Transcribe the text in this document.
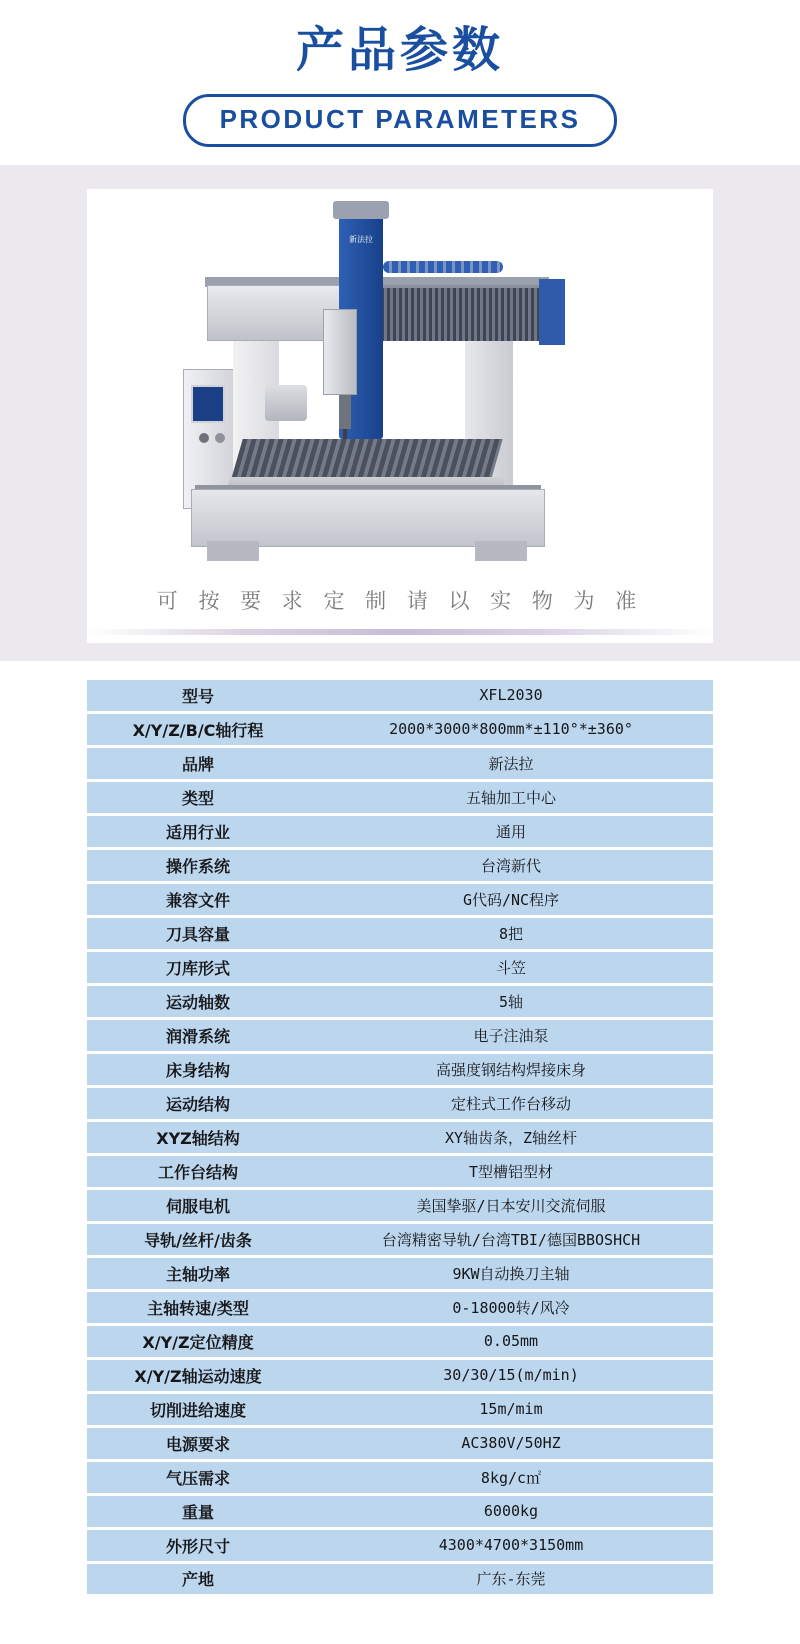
产品参数
PRODUCT PARAMETERS
新法拉
可 按 要 求 定 制 请 以 实 物 为 准
型号	XFL2030
X/Y/Z/B/C轴行程	2000*3000*800mm*±110°*±360°
品牌	新法拉
类型	五轴加工中心
适用行业	通用
操作系统	台湾新代
兼容文件	G代码/NC程序
刀具容量	8把
刀库形式	斗笠
运动轴数	5轴
润滑系统	电子注油泵
床身结构	高强度钢结构焊接床身
运动结构	定柱式工作台移动
XYZ轴结构	XY轴齿条，Z轴丝杆
工作台结构	T型槽铝型材
伺服电机	美国挚驱/日本安川交流伺服
导轨/丝杆/齿条	台湾精密导轨/台湾TBI/德国BBOSHCH
主轴功率	9KW自动换刀主轴
主轴转速/类型	0-18000转/风冷
X/Y/Z定位精度	0.05mm
X/Y/Z轴运动速度	30/30/15(m/min)
切削进给速度	15m/mim
电源要求	AC380V/50HZ
气压需求	8kg/c㎡
重量	6000kg
外形尺寸	4300*4700*3150mm
产地	广东-东莞
